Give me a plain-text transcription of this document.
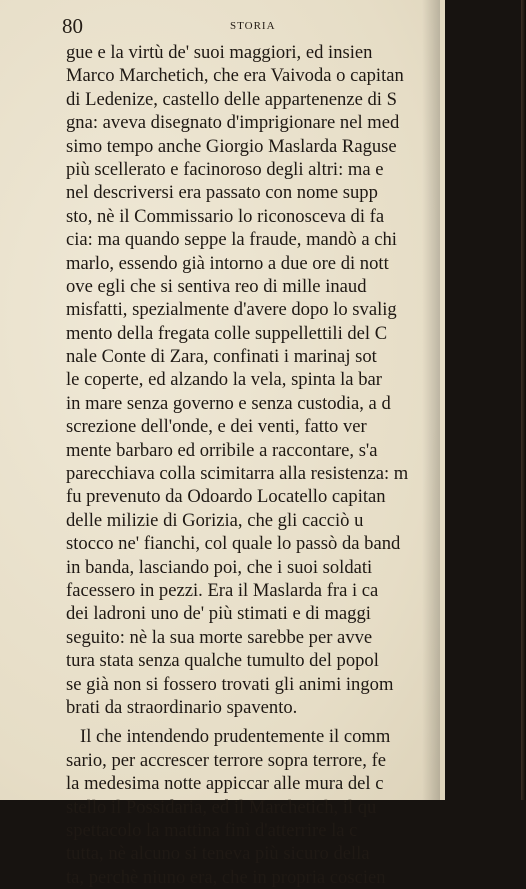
80	STORIA
gue e la virtù de' suoi maggiori, ed insien
Marco Marchetich, che era Vaivoda o capitan
di Ledenize, castello delle appartenenze di S
gna: aveva disegnato d'imprigionare nel med
simo tempo anche Giorgio Maslarda Raguse
più scellerato e facinoroso degli altri: ma e
nel descriversi era passato con nome supp
sto, nè il Commissario lo riconosceva di fa
cia: ma quando seppe la fraude, mandò a chi
marlo, essendo già intorno a due ore di nott
ove egli che si sentiva reo di mille inaud
misfatti, spezialmente d'avere dopo lo svalig
mento della fregata colle suppellettili del C
nale Conte di Zara, confinati i marinaj sot
le coperte, ed alzando la vela, spinta la bar
in mare senza governo e senza custodia, a d
screzione dell'onde, e dei venti, fatto ver
mente barbaro ed orribile a raccontare, s'a
parecchiava colla scimitarra alla resistenza: m
fu prevenuto da Odoardo Locatello capitan
delle milizie di Gorizia, che gli cacciò u
stocco ne' fianchi, col quale lo passò da band
in banda, lasciando poi, che i suoi soldati
facessero in pezzi. Era il Maslarda fra i ca
dei ladroni uno de' più stimati e di maggi
seguito: nè la sua morte sarebbe per avve
tura stata senza qualche tumulto del popol
se già non si fossero trovati gli animi ingom
brati da straordinario spavento.
Il che intendendo prudentemente il comm
sario, per accrescer terrore sopra terrore, fe
la medesima notte appiccar alle mura del c
stello il Possidaria, ed il Marchetich, il qu
spettacolo la mattina finì d'atterrire la c
tutta, nè alcuno si teneva più sicuro della
ta, perchè niuno era, che in propria coscien
